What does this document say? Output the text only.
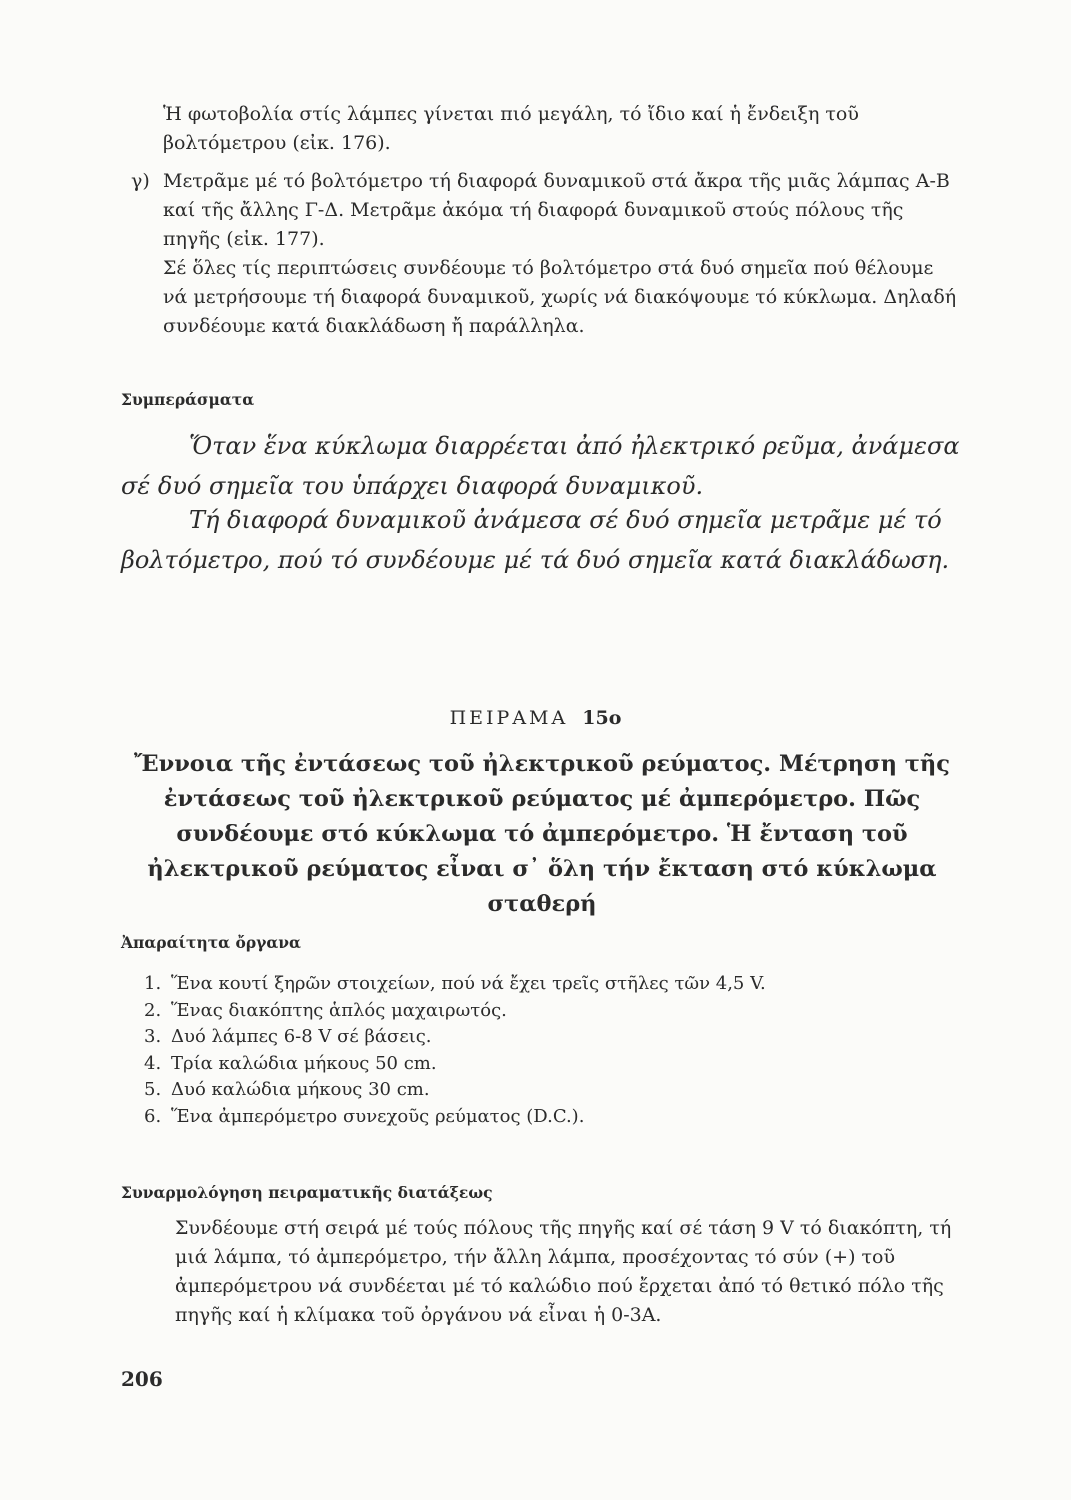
Ἡ φωτοβολία στίς λάμπες γίνεται πιό μεγάλη, τό ἴδιο καί ἡ ἔνδειξη τοῦ βολτόμετρου (εἰκ. 176).

γ) Μετρᾶμε μέ τό βολτόμετρο τή διαφορά δυναμικοῦ στά ἄκρα τῆς μιᾶς λάμπας Α-Β καί τῆς ἄλλης Γ-Δ. Μετρᾶμε ἀκόμα τή διαφορά δυναμικοῦ στούς πόλους τῆς πηγῆς (εἰκ. 177).

Σέ ὅλες τίς περιπτώσεις συνδέουμε τό βολτόμετρο στά δυό σημεῖα πού θέλουμε νά μετρήσουμε τή διαφορά δυναμικοῦ, χωρίς νά διακόψουμε τό κύκλωμα. Δηλαδή συνδέουμε κατά διακλάδωση ἤ παράλληλα.

Συμπεράσματα

Ὅταν ἕνα κύκλωμα διαρρέεται ἀπό ἠλεκτρικό ρεῦμα, ἀνάμεσα σέ δυό σημεῖα του ὑπάρχει διαφορά δυναμικοῦ.

Τή διαφορά δυναμικοῦ ἀνάμεσα σέ δυό σημεῖα μετρᾶμε μέ τό βολτόμετρο, πού τό συνδέουμε μέ τά δυό σημεῖα κατά διακλάδωση.

ΠΕΙΡΑΜΑ 15ο

Ἔννοια τῆς ἐντάσεως τοῦ ἠλεκτρικοῦ ρεύματος. Μέτρηση τῆς ἐντάσεως τοῦ ἠλεκτρικοῦ ρεύματος μέ ἀμπερόμετρο. Πῶς συνδέουμε στό κύκλωμα τό ἀμπερόμετρο. Ἡ ἔνταση τοῦ ἠλεκτρικοῦ ρεύματος εἶναι σ᾽ ὅλη τήν ἔκταση στό κύκλωμα σταθερή

Ἀπαραίτητα ὄργανα
1. Ἕνα κουτί ξηρῶν στοιχείων, πού νά ἔχει τρεῖς στῆλες τῶν 4,5 V.
2. Ἕνας διακόπτης ἁπλός μαχαιρωτός.
3. Δυό λάμπες 6-8 V σέ βάσεις.
4. Τρία καλώδια μήκους 50 cm.
5. Δυό καλώδια μήκους 30 cm.
6. Ἕνα ἀμπερόμετρο συνεχοῦς ρεύματος (D.C.).
Συναρμολόγηση πειραματικῆς διατάξεως

Συνδέουμε στή σειρά μέ τούς πόλους τῆς πηγῆς καί σέ τάση 9 V τό διακόπτη, τή μιά λάμπα, τό ἀμπερόμετρο, τήν ἄλλη λάμπα, προσέχοντας τό σύν (+) τοῦ ἀμπερόμετρου νά συνδέεται μέ τό καλώδιο πού ἔρχεται ἀπό τό θετικό πόλο τῆς πηγῆς καί ἡ κλίμακα τοῦ ὀργάνου νά εἶναι ἡ 0-3Α.

206
